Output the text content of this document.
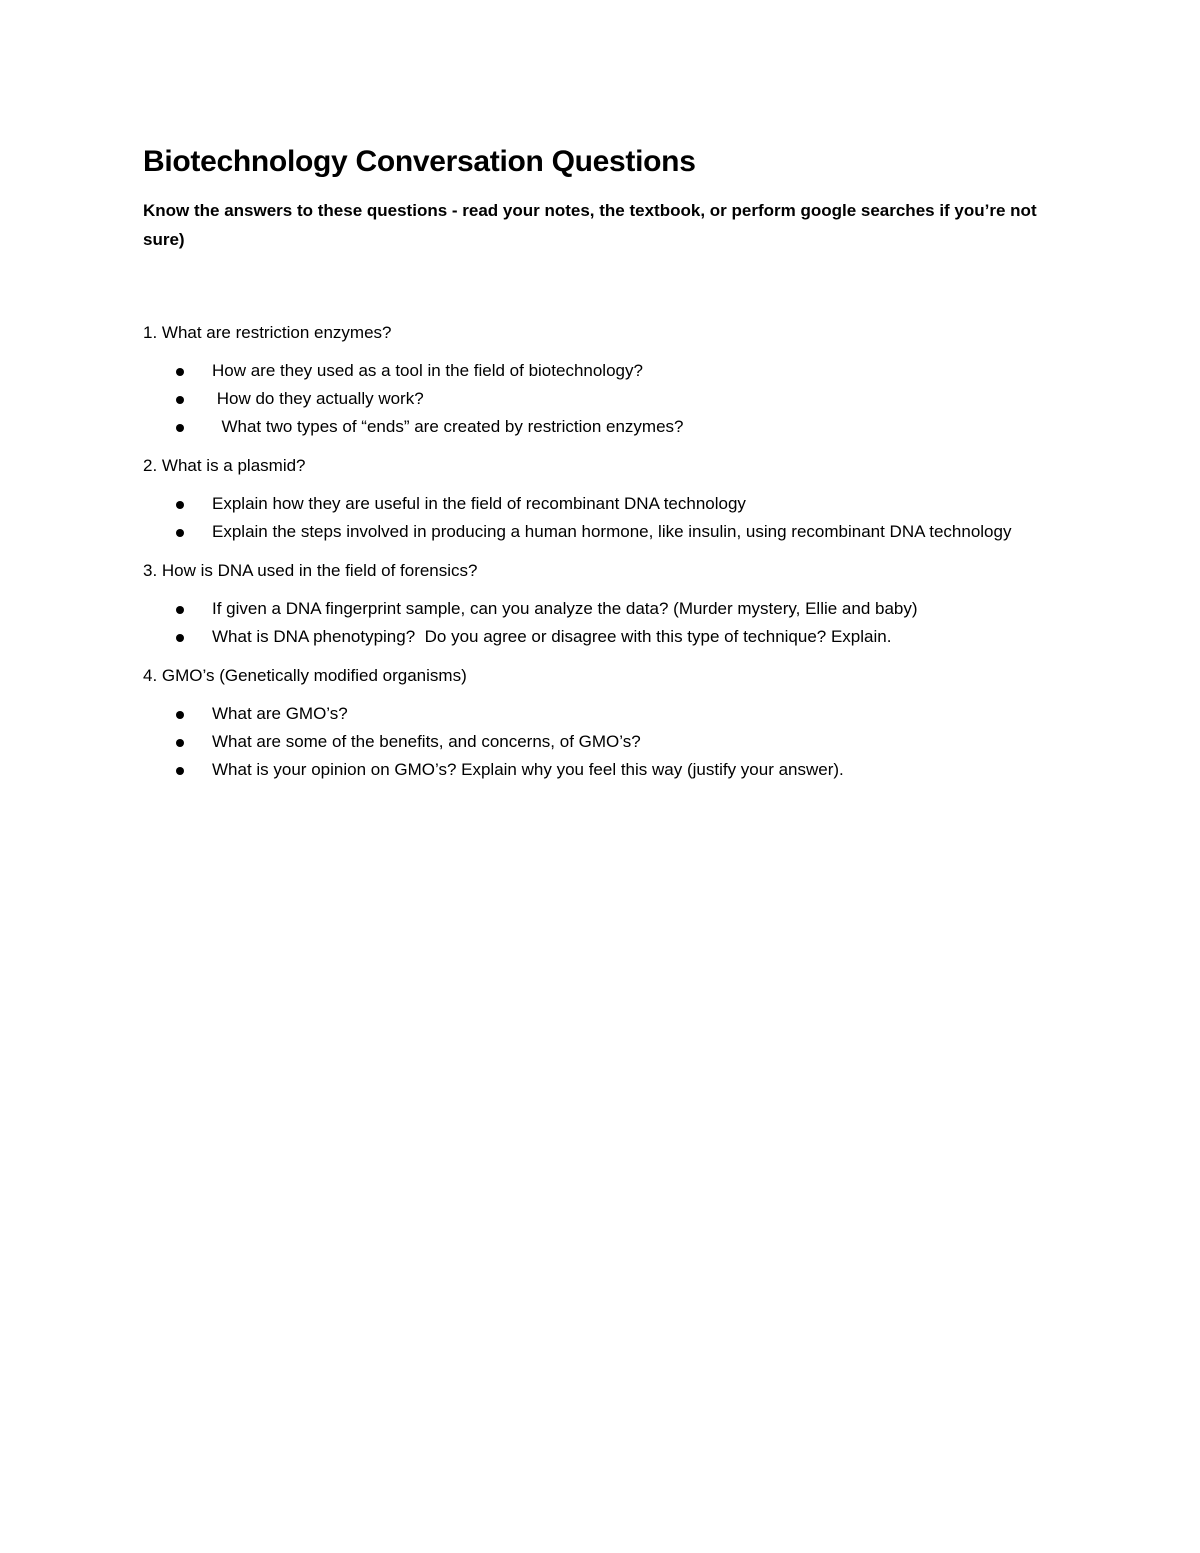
Biotechnology Conversation Questions

Know the answers to these questions - read your notes, the textbook, or perform google searches if you’re not sure)

1. What are restriction enzymes?

How are they used as a tool in the field of biotechnology?
How do they actually work?
What two types of “ends” are created by restriction enzymes?

2. What is a plasmid?

Explain how they are useful in the field of recombinant DNA technology
Explain the steps involved in producing a human hormone, like insulin, using recombinant DNA technology

3. How is DNA used in the field of forensics?

If given a DNA fingerprint sample, can you analyze the data? (Murder mystery, Ellie and baby)
What is DNA phenotyping?  Do you agree or disagree with this type of technique? Explain.

4. GMO’s (Genetically modified organisms)

What are GMO’s?
What are some of the benefits, and concerns, of GMO’s?
What is your opinion on GMO’s? Explain why you feel this way (justify your answer).
